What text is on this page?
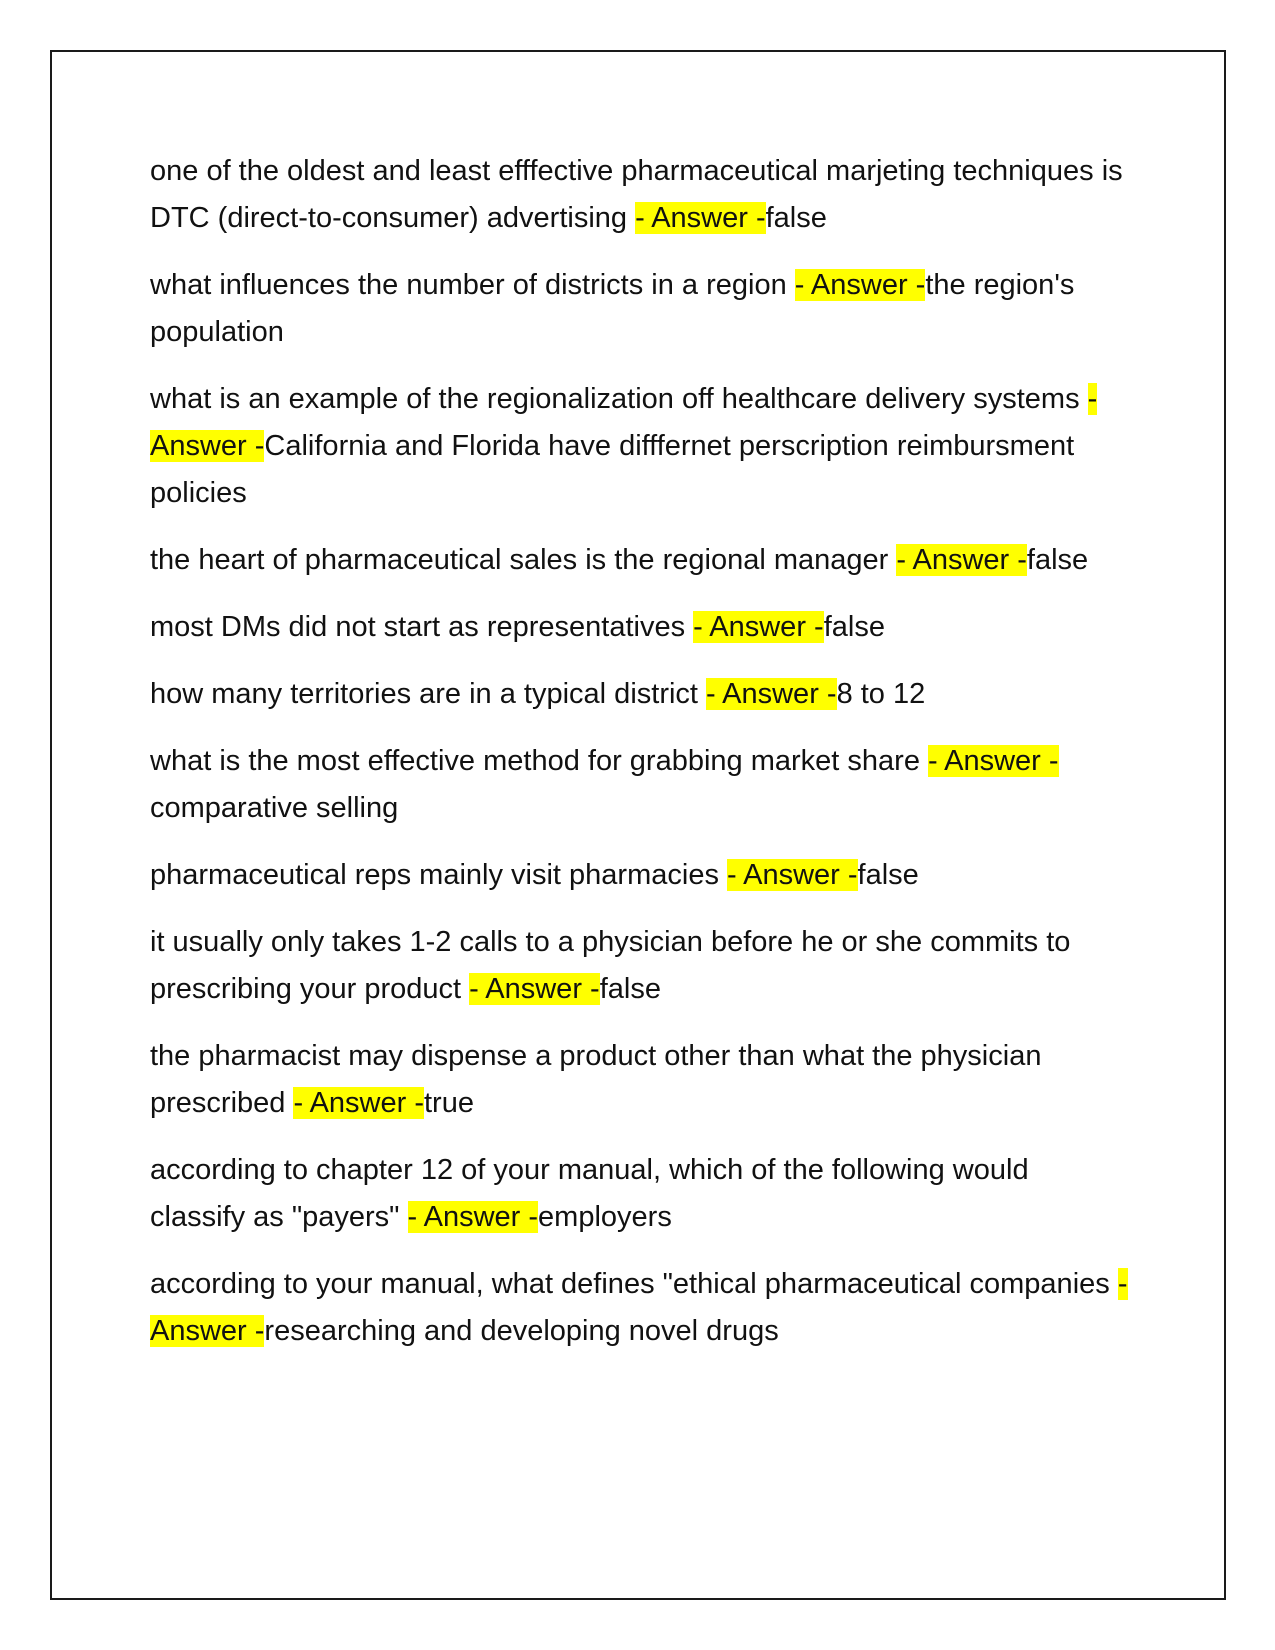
one of the oldest and least efffective pharmaceutical marjeting techniques is DTC (direct-to-consumer) advertising - Answer -false

what influences the number of districts in a region - Answer -the region's population

what is an example of the regionalization off healthcare delivery systems - Answer -California and Florida have difffernet perscription reimbursment policies

the heart of pharmaceutical sales is the regional manager - Answer -false

most DMs did not start as representatives - Answer -false

how many territories are in a typical district - Answer -8 to 12

what is the most effective method for grabbing market share - Answer -comparative selling

pharmaceutical reps mainly visit pharmacies - Answer -false

it usually only takes 1-2 calls to a physician before he or she commits to prescribing your product - Answer -false

the pharmacist may dispense a product other than what the physician prescribed - Answer -true

according to chapter 12 of your manual, which of the following would classify as "payers" - Answer -employers

according to your manual, what defines "ethical pharmaceutical companies - Answer -researching and developing novel drugs
